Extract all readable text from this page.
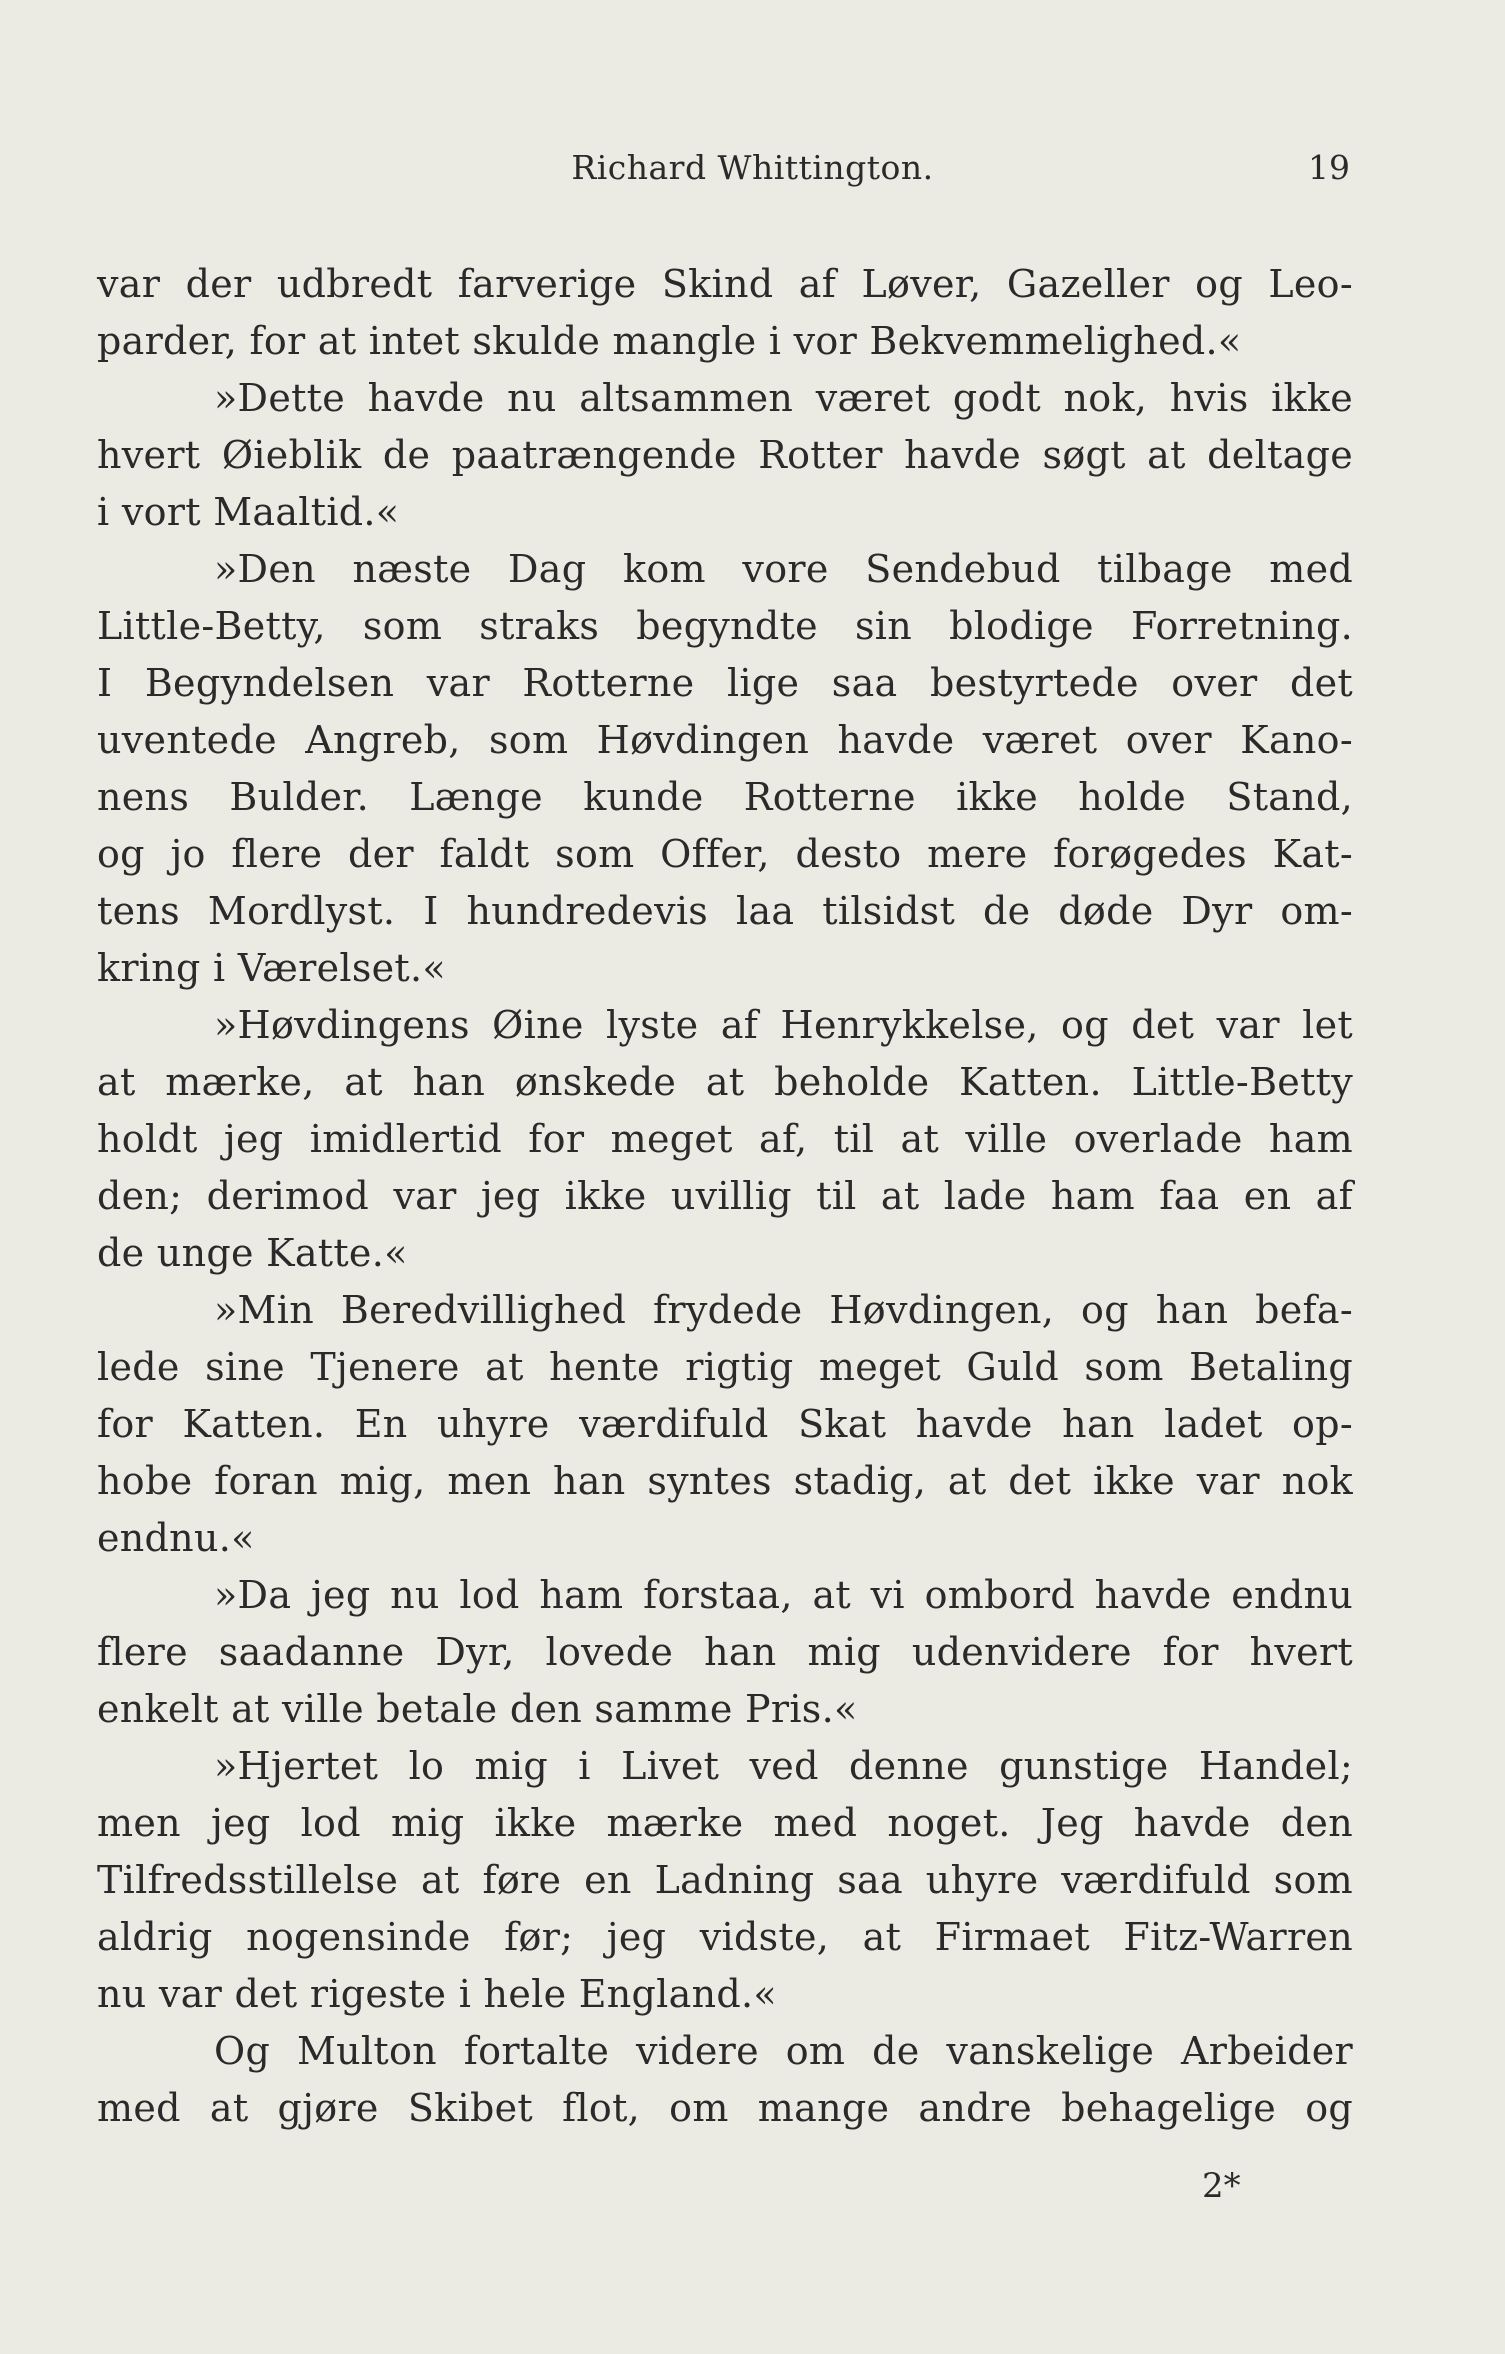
Richard Whittington.	19
var der udbredt farverige Skind af Løver, Gazeller og Leo-
parder, for at intet skulde mangle i vor Bekvemmelighed.«
»Dette havde nu altsammen været godt nok, hvis ikke
hvert Øieblik de paatrængende Rotter havde søgt at deltage
i vort Maaltid.«
»Den næste Dag kom vore Sendebud tilbage med
Little-Betty, som straks begyndte sin blodige Forretning.
I Begyndelsen var Rotterne lige saa bestyrtede over det
uventede Angreb, som Høvdingen havde været over Kano-
nens Bulder. Længe kunde Rotterne ikke holde Stand,
og jo flere der faldt som Offer, desto mere forøgedes Kat-
tens Mordlyst. I hundredevis laa tilsidst de døde Dyr om-
kring i Værelset.«
»Høvdingens Øine lyste af Henrykkelse, og det var let
at mærke, at han ønskede at beholde Katten. Little-Betty
holdt jeg imidlertid for meget af, til at ville overlade ham
den; derimod var jeg ikke uvillig til at lade ham faa en af
de unge Katte.«
»Min Beredvillighed frydede Høvdingen, og han befa-
lede sine Tjenere at hente rigtig meget Guld som Betaling
for Katten. En uhyre værdifuld Skat havde han ladet op-
hobe foran mig, men han syntes stadig, at det ikke var nok
endnu.«
»Da jeg nu lod ham forstaa, at vi ombord havde endnu
flere saadanne Dyr, lovede han mig udenvidere for hvert
enkelt at ville betale den samme Pris.«
»Hjertet lo mig i Livet ved denne gunstige Handel;
men jeg lod mig ikke mærke med noget. Jeg havde den
Tilfredsstillelse at føre en Ladning saa uhyre værdifuld som
aldrig nogensinde før; jeg vidste, at Firmaet Fitz-Warren
nu var det rigeste i hele England.«
Og Multon fortalte videre om de vanskelige Arbeider
med at gjøre Skibet flot, om mange andre behagelige og
2*
